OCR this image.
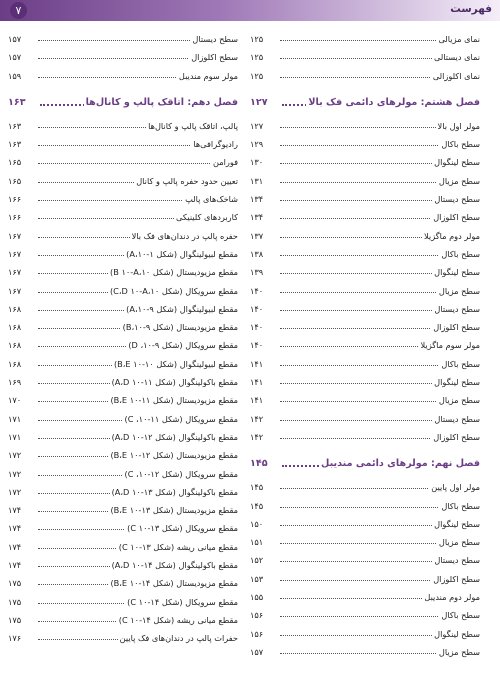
۷	فهرست
نمای مزیالی
۱۲۵
نمای دیستالی
۱۲۵
نمای اکلوزالی
۱۲۵
فصل هشتم: مولرهای دائمی فک بالا
۱۲۷
مولر اول بالا
۱۲۷
سطح باکال
۱۲۹
سطح لینگوال
۱۳۰
سطح مزیال
۱۳۱
سطح دیستال
۱۳۴
سطح اکلوزال
۱۳۴
مولر دوم ماگزیلا
۱۳۷
سطح باکال
۱۳۸
سطح لینگوال
۱۳۹
سطح مزیال
۱۴۰
سطح دیستال
۱۴۰
سطح اکلوزال
۱۴۰
مولر سوم ماگزیلا
۱۴۰
سطح باکال
۱۴۱
سطح لینگوال
۱۴۱
سطح مزیال
۱۴۱
سطح دیستال
۱۴۲
سطح اکلوزال
۱۴۲
فصل نهم: مولرهای دائمی مندیبل
۱۴۵
مولر اول پایین
۱۴۵
سطح باکال
۱۴۵
سطح لینگوال
۱۵۰
سطح مزیال
۱۵۱
سطح دیستال
۱۵۲
سطح اکلوزال
۱۵۳
مولر دوم مندیبل
۱۵۵
سطح باکال
۱۵۶
سطح لینگوال
۱۵۶
سطح مزیال
۱۵۷
سطح دیستال
۱۵۷
سطح اکلوزال
۱۵۷
مولر سوم مندیبل
۱۵۹
فصل دهم: اتاقک پالپ و کانال‌ها
۱۶۳
پالپ، اتاقک پالپ و کانال‌ها
۱۶۳
رادیوگرافی‌ها
۱۶۳
فورامن
۱۶۵
تعیین حدود حفره پالپ و کانال
۱۶۵
شاخک‌های پالپ
۱۶۶
کاربردهای کلینیکی
۱۶۶
حفره پالپ در دندان‌های فک بالا
۱۶۷
مقطع لبیولینگوال (شکل A،۱۰-۱)
۱۶۷
مقطع مزیودیستال (شکل B ۱۰-A،۱۰)
۱۶۷
مقطع سرویکال (شکل C،D ۱۰-A،۱۰)
۱۶۷
مقطع لبیولینگوال (شکل A،۱۰-۹)
۱۶۸
مقطع مزیودیستال (شکل B،۱۰-۹)
۱۶۸
مقطع سرویکال (شکل D ،۱۰-۹)
۱۶۸
مقطع لبیولینگوال (شکل B،E ۱۰-۱۰)
۱۶۸
مقطع باکولینگوال (شکل A،D ۱۰-۱۱)
۱۶۹
مقطع مزیودیستال (شکل B،E ۱۰-۱۱)
۱۷۰
مقطع سرویکال (شکل C ،۱۰-۱۱)
۱۷۱
مقطع باکولینگوال (شکل A،D ۱۰-۱۲)
۱۷۱
مقطع مزیودیستال (شکل B،E ۱۰-۱۲)
۱۷۲
مقطع سرویکال (شکل C ،۱۰-۱۲)
۱۷۲
مقطع باکولینگوال (شکل A،D ۱۰-۱۳)
۱۷۲
مقطع مزیودیستال (شکل B،E ۱۰-۱۳)
۱۷۴
مقطع سرویکال (شکل C ۱۰-۱۳)
۱۷۴
مقطع میانی ریشه (شکل C ۱۰-۱۳)
۱۷۴
مقطع باکولینگوال (شکل A،D ۱۰-۱۴)
۱۷۴
مقطع مزیودیستال (شکل B،E ۱۰-۱۴)
۱۷۵
مقطع سرویکال (شکل C ۱۰-۱۴)
۱۷۵
مقطع میانی ریشه (شکل C ۱۰-۱۴)
۱۷۵
حفرات پالپ در دندان‌های فک پایین
۱۷۶
